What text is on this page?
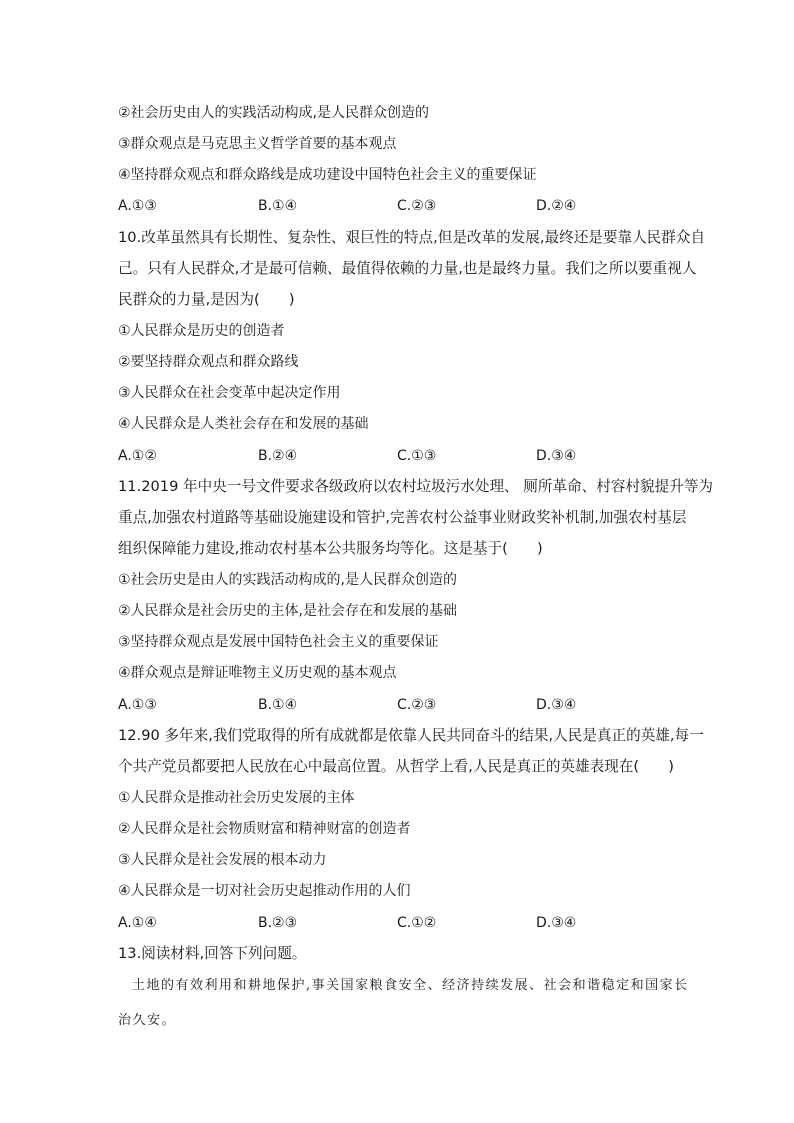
②社会历史由人的实践活动构成,是人民群众创造的
③群众观点是马克思主义哲学首要的基本观点
④坚持群众观点和群众路线是成功建设中国特色社会主义的重要保证
A.①③	B.①④	C.②③	D.②④
10.改革虽然具有长期性、复杂性、艰巨性的特点,但是改革的发展,最终还是要靠人民群众自
己。只有人民群众,才是最可信赖、最值得依赖的力量,也是最终力量。我们之所以要重视人
民群众的力量,是因为(　　)
①人民群众是历史的创造者
②要坚持群众观点和群众路线
③人民群众在社会变革中起决定作用
④人民群众是人类社会存在和发展的基础
A.①②	B.②④	C.①③	D.③④
11.2019 年中央一号文件要求各级政府以农村垃圾污水处理、 厕所革命、村容村貌提升等为
重点,加强农村道路等基础设施建设和管护,完善农村公益事业财政奖补机制,加强农村基层
组织保障能力建设,推动农村基本公共服务均等化。这是基于(　　)
①社会历史是由人的实践活动构成的,是人民群众创造的
②人民群众是社会历史的主体,是社会存在和发展的基础
③坚持群众观点是发展中国特色社会主义的重要保证
④群众观点是辩证唯物主义历史观的基本观点
A.①③	B.①④	C.②③	D.③④
12.90 多年来,我们党取得的所有成就都是依靠人民共同奋斗的结果,人民是真正的英雄,每一
个共产党员都要把人民放在心中最高位置。从哲学上看,人民是真正的英雄表现在(　　)
①人民群众是推动社会历史发展的主体
②人民群众是社会物质财富和精神财富的创造者
③人民群众是社会发展的根本动力
④人民群众是一切对社会历史起推动作用的人们
A.①④	B.②③	C.①②	D.③④
13.阅读材料,回答下列问题。
土地的有效利用和耕地保护,事关国家粮食安全、经济持续发展、社会和谐稳定和国家长
治久安。
